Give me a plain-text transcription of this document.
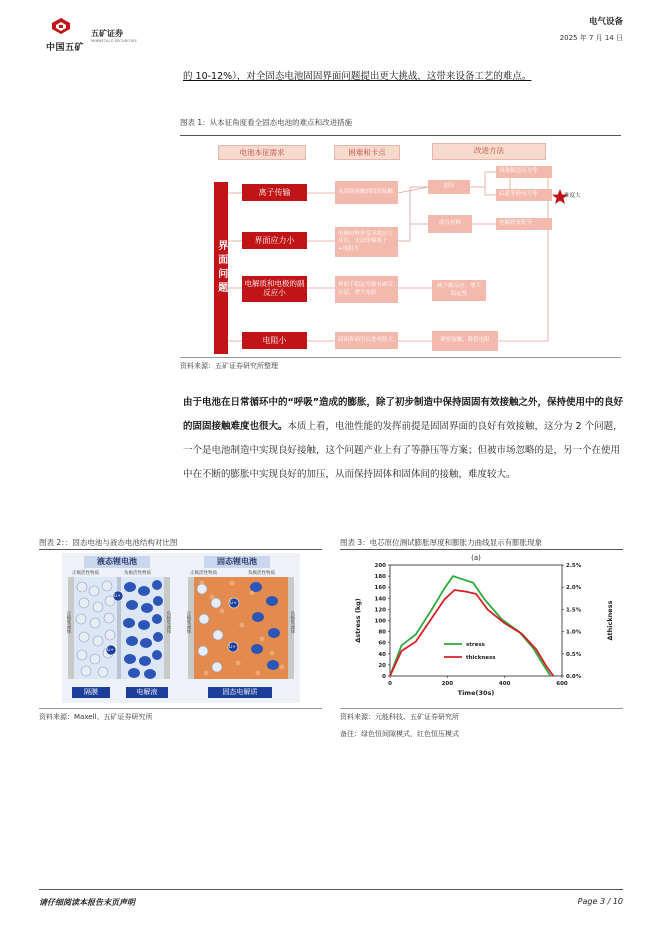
中国五矿
五矿证券
MINMETALS SECURITIES
电气设备
2025 年 7 月 14 日
的 10-12%），对全固态电池固固界面问题提出更大挑战，这带来设备工艺的难点。
图表 1：从本征角度看全固态电池的难点和改进措施
电池本征需求	困难和卡点	改进方法
界面问题
离子传输
界面应力小
电解质和电极的副反应小
电阻小
从固液接触到固固接触
电极材料形变导致应力存在，无法传输离子+电阻大
界面不稳定导致有副反应层，增大电阻
固固界面空白处电阻大
加压
改良材料
减少副反应，增大稳定性
紧密接触，降低电阻
设备制造压力等
后道等静压力等
电解质复配等
难度大
资料来源：五矿证券研究所整理
由于电池在日常循环中的“呼吸”造成的膨胀，除了初步制造中保持固固有效接触之外，保持使用中的良好的固固接触难度也很大。本质上看，电池性能的发挥前提是固固界面的良好有效接触，这分为 2 个问题，一个是电池制造中实现良好接触，这个问题产业上有了等静压等方案；但被市场忽略的是，另一个在使用中在不断的膨胀中实现良好的加压，从而保持固体和固体间的接触，难度较大。
图表 2：：固态电池与液态电池结构对比图
液态锂电池	固态锂电池
正极活性物质	负极活性物质	正极活性物质	负极活性物质
正极集流体	负极集流体	正极集流体	负极集流体
Li+
Li+
Li+
Li+
隔膜	电解液	固态电解质
资料来源：Maxell、五矿证券研究所
图表 3：电芯原位测试膨胀厚度和膨胀力曲线显示有膨胀现象
(a)
0
20
40
60
80
100
120
140
160
180
200
0	200	400	600
0.0%
0.5%
1.0%
1.5%
2.0%
2.5%
Time(30s)
Δstress (kg)	Δthickness
stress
thickness
资料来源：元能科技、五矿证券研究所
备注：绿色恒间隙模式，红色恒压模式
请仔细阅读本报告末页声明	Page 3 / 10
